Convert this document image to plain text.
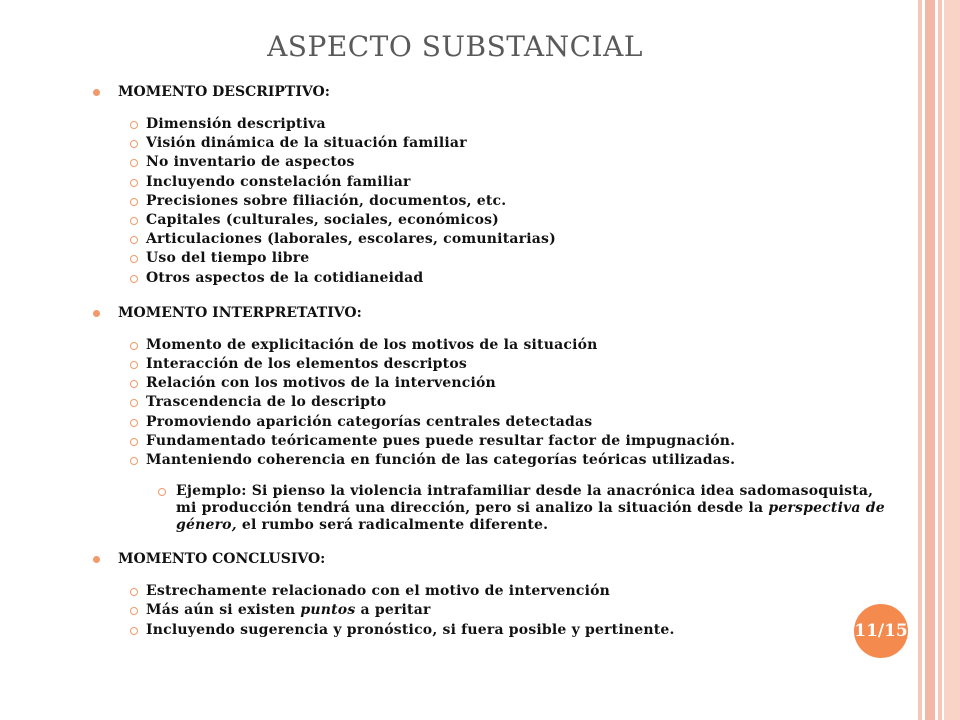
ASPECTO SUBSTANCIAL
MOMENTO DESCRIPTIVO:
Dimensión descriptiva
Visión dinámica de la situación familiar
No inventario de aspectos
Incluyendo constelación familiar
Precisiones sobre filiación, documentos, etc.
Capitales (culturales, sociales, económicos)
Articulaciones (laborales, escolares, comunitarias)
Uso del tiempo libre
Otros aspectos de la cotidianeidad
MOMENTO INTERPRETATIVO:
Momento de explicitación de los motivos de la situación
Interacción de los elementos descriptos
Relación con los motivos de la intervención
Trascendencia de lo descripto
Promoviendo aparición categorías centrales detectadas
Fundamentado teóricamente pues puede resultar factor de impugnación.
Manteniendo coherencia en función de las categorías teóricas utilizadas.
Ejemplo: Si pienso la violencia intrafamiliar desde la anacrónica idea sadomasoquista, mi producción tendrá una dirección, pero si analizo la situación desde la perspectiva de género, el rumbo será radicalmente diferente.
MOMENTO CONCLUSIVO:
Estrechamente relacionado con el motivo de intervención
Más aún si existen puntos a peritar
Incluyendo sugerencia y pronóstico, si fuera posible y pertinente.	11/15
